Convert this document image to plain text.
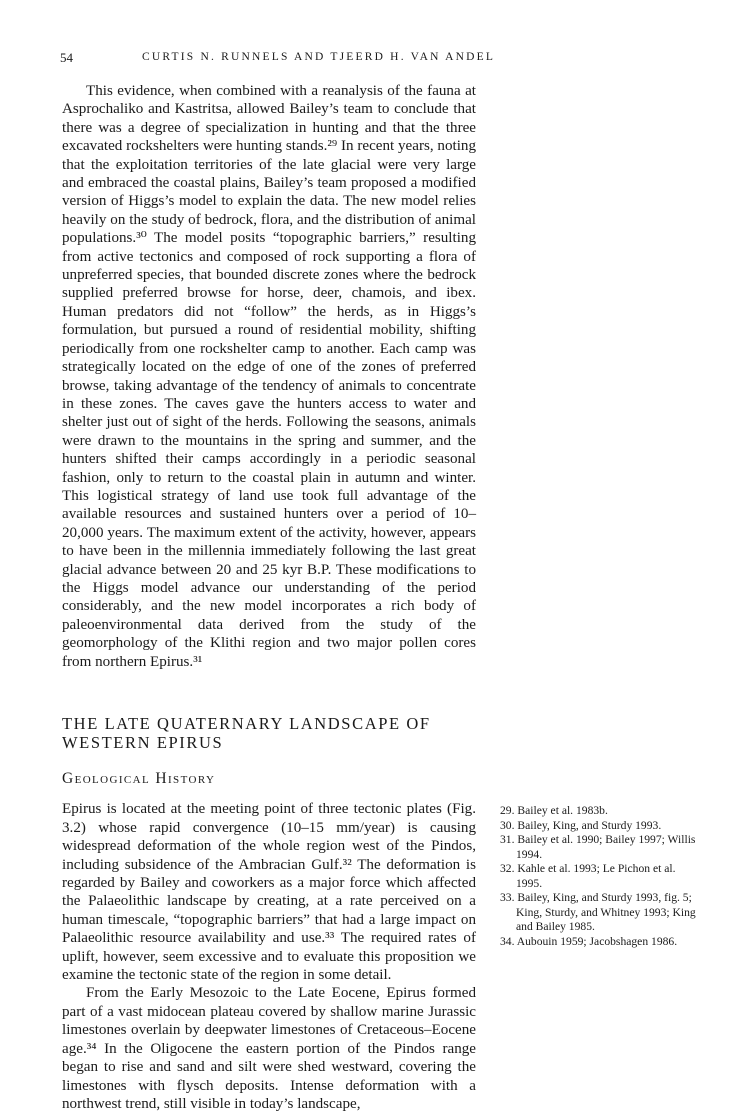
54	CURTIS N. RUNNELS AND TJEERD H. VAN ANDEL

This evidence, when combined with a reanalysis of the fauna at Asprochaliko and Kastritsa, allowed Bailey’s team to conclude that there was a degree of specialization in hunting and that the three excavated rockshelters were hunting stands.²⁹ In recent years, noting that the exploitation territories of the late glacial were very large and embraced the coastal plains, Bailey’s team proposed a modified version of Higgs’s model to explain the data. The new model relies heavily on the study of bedrock, flora, and the distribution of animal populations.³⁰ The model posits “topographic barriers,” resulting from active tectonics and composed of rock supporting a flora of unpreferred species, that bounded discrete zones where the bedrock supplied preferred browse for horse, deer, chamois, and ibex. Human predators did not “follow” the herds, as in Higgs’s formulation, but pursued a round of residential mobility, shifting periodically from one rockshelter camp to another. Each camp was strategically located on the edge of one of the zones of preferred browse, taking advantage of the tendency of animals to concentrate in these zones. The caves gave the hunters access to water and shelter just out of sight of the herds. Following the seasons, animals were drawn to the mountains in the spring and summer, and the hunters shifted their camps accordingly in a periodic seasonal fashion, only to return to the coastal plain in autumn and winter. This logistical strategy of land use took full advantage of the available resources and sustained hunters over a period of 10–20,000 years. The maximum extent of the activity, however, appears to have been in the millennia immediately following the last great glacial advance between 20 and 25 kyr B.P. These modifications to the Higgs model advance our understanding of the period considerably, and the new model incorporates a rich body of paleoenvironmental data derived from the study of the geomorphology of the Klithi region and two major pollen cores from northern Epirus.³¹

THE LATE QUATERNARY LANDSCAPE OF WESTERN EPIRUS
Geological History

Epirus is located at the meeting point of three tectonic plates (Fig. 3.2) whose rapid convergence (10–15 mm/year) is causing widespread deformation of the whole region west of the Pindos, including subsidence of the Ambracian Gulf.³² The deformation is regarded by Bailey and coworkers as a major force which affected the Palaeolithic landscape by creating, at a rate perceived on a human timescale, “topographic barriers” that had a large impact on Palaeolithic resource availability and use.³³ The required rates of uplift, however, seem excessive and to evaluate this proposition we examine the tectonic state of the region in some detail.

From the Early Mesozoic to the Late Eocene, Epirus formed part of a vast midocean plateau covered by shallow marine Jurassic limestones overlain by deepwater limestones of Cretaceous–Eocene age.³⁴ In the Oligocene the eastern portion of the Pindos range began to rise and sand and silt were shed westward, covering the limestones with flysch deposits. Intense deformation with a northwest trend, still visible in today’s landscape,

29. Bailey et al. 1983b.

30. Bailey, King, and Sturdy 1993.

31. Bailey et al. 1990; Bailey 1997; Willis 1994.

32. Kahle et al. 1993; Le Pichon et al. 1995.

33. Bailey, King, and Sturdy 1993, fig. 5; King, Sturdy, and Whitney 1993; King and Bailey 1985.

34. Aubouin 1959; Jacobshagen 1986.
